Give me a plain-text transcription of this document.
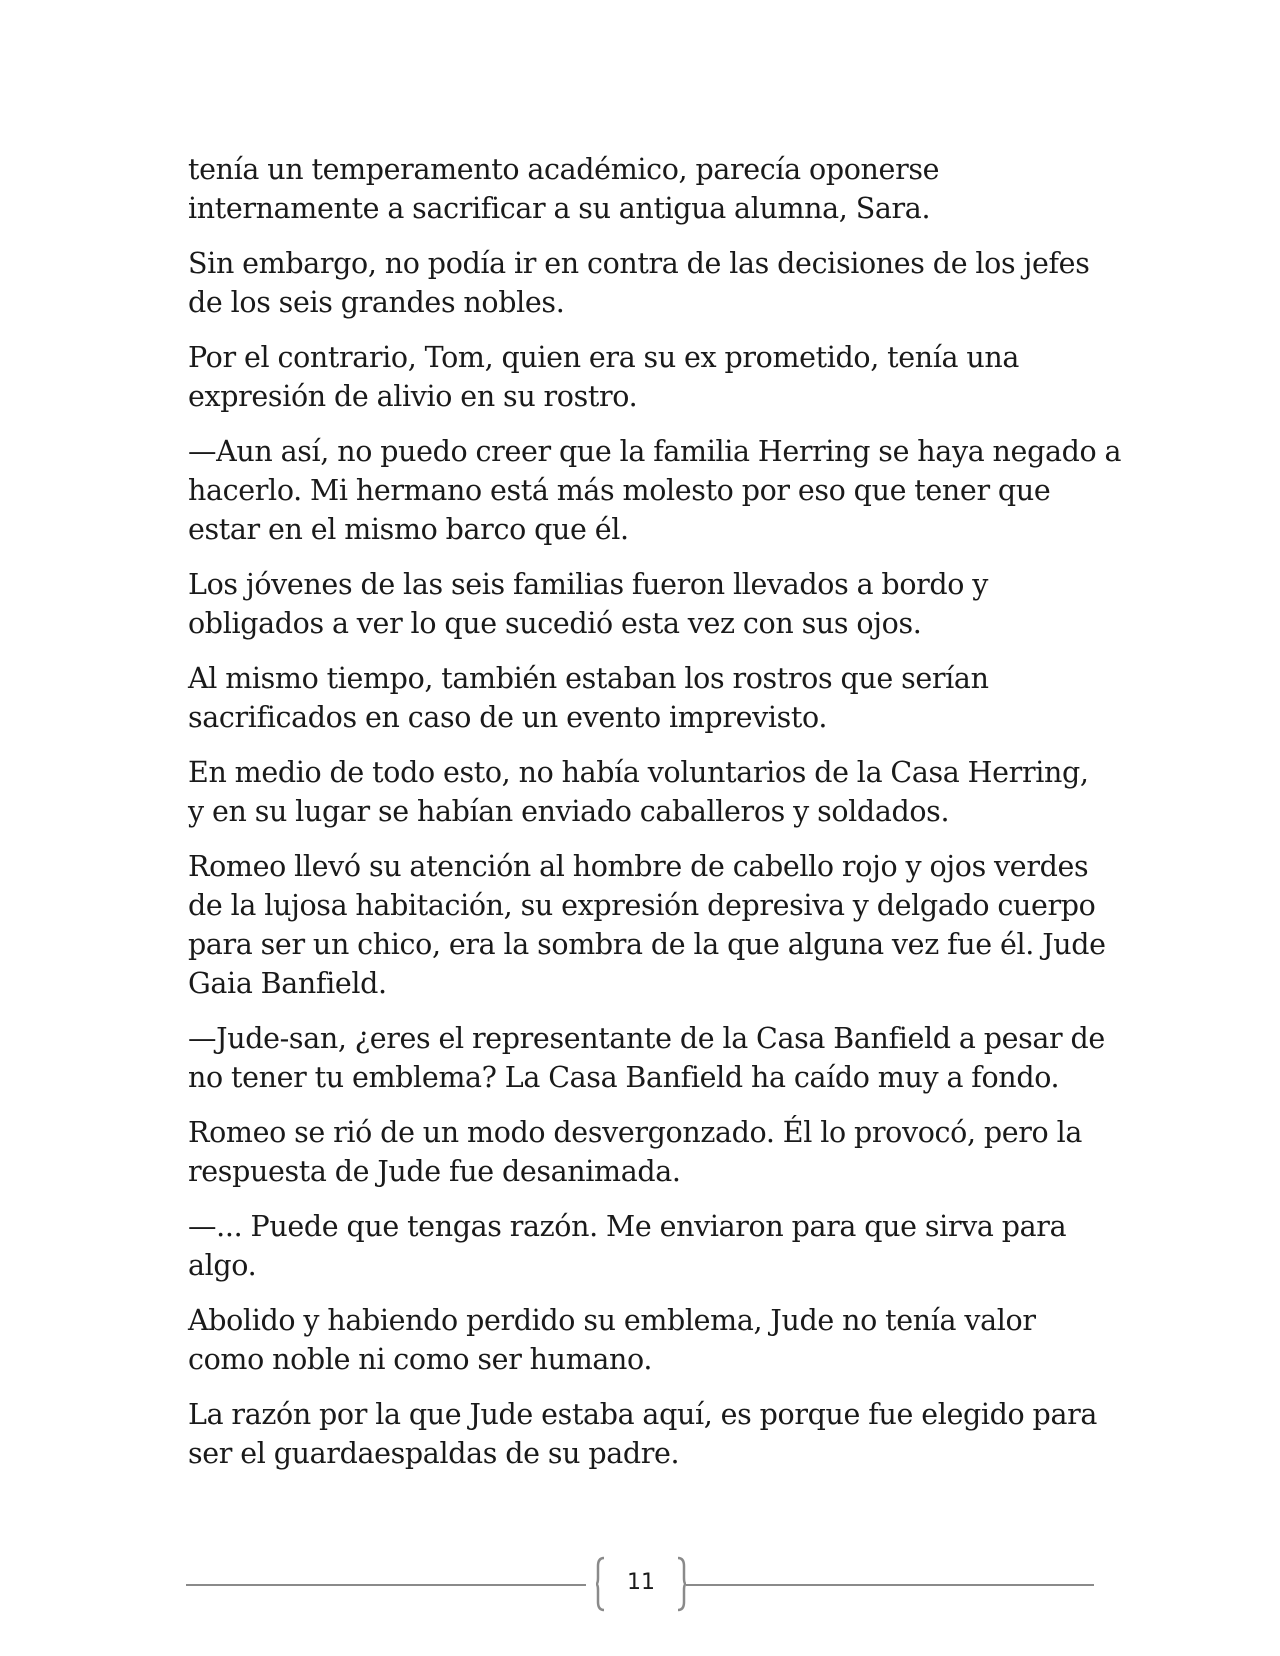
tenía un temperamento académico, parecía oponerse
internamente a sacrificar a su antigua alumna, Sara.

Sin embargo, no podía ir en contra de las decisiones de los jefes
de los seis grandes nobles.

Por el contrario, Tom, quien era su ex prometido, tenía una
expresión de alivio en su rostro.

—Aun así, no puedo creer que la familia Herring se haya negado a
hacerlo. Mi hermano está más molesto por eso que tener que
estar en el mismo barco que él.

Los jóvenes de las seis familias fueron llevados a bordo y
obligados a ver lo que sucedió esta vez con sus ojos.

Al mismo tiempo, también estaban los rostros que serían
sacrificados en caso de un evento imprevisto.

En medio de todo esto, no había voluntarios de la Casa Herring,
y en su lugar se habían enviado caballeros y soldados.

Romeo llevó su atención al hombre de cabello rojo y ojos verdes
de la lujosa habitación, su expresión depresiva y delgado cuerpo
para ser un chico, era la sombra de la que alguna vez fue él. Jude
Gaia Banfield.

—Jude-san, ¿eres el representante de la Casa Banfield a pesar de
no tener tu emblema? La Casa Banfield ha caído muy a fondo.

Romeo se rió de un modo desvergonzado. Él lo provocó, pero la
respuesta de Jude fue desanimada.

—... Puede que tengas razón. Me enviaron para que sirva para
algo.

Abolido y habiendo perdido su emblema, Jude no tenía valor
como noble ni como ser humano.

La razón por la que Jude estaba aquí, es porque fue elegido para
ser el guardaespaldas de su padre.

11
